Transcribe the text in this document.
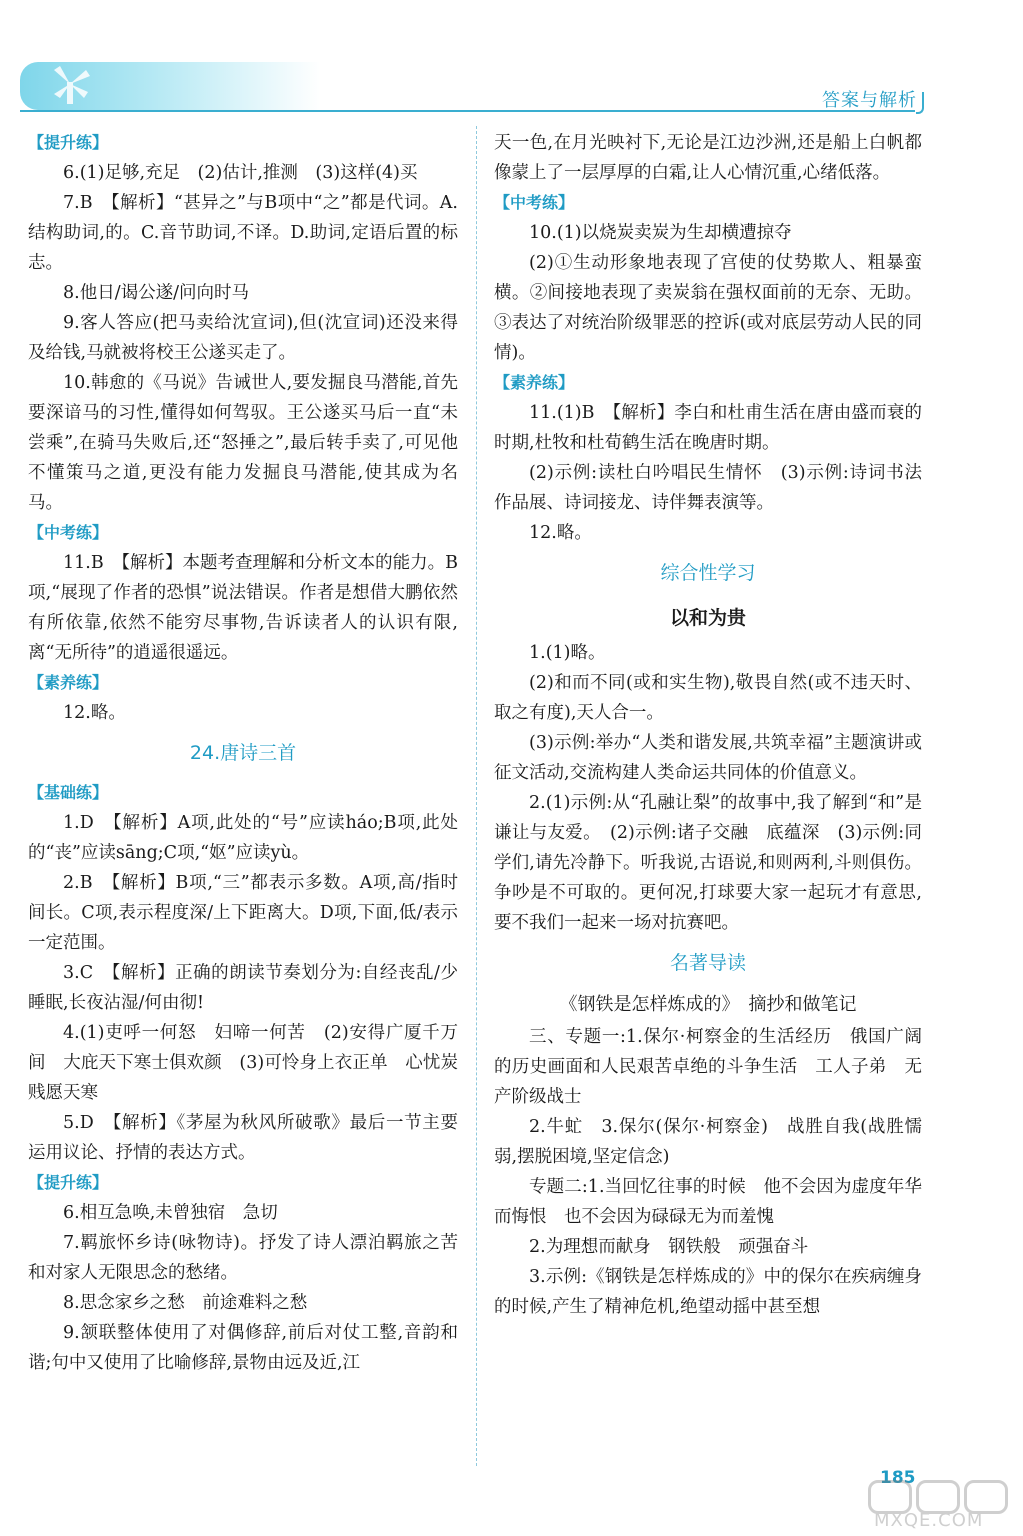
答案与解析
【提升练】
6.(1)足够,充足　(2)估计,推测　(3)这样(4)买
7.B　【解析】“甚异之”与B项中“之”都是代词。A.结构助词,的。C.音节助词,不译。D.助词,定语后置的标志。
8.他日/谒公遂/问向时马
9.客人答应(把马卖给沈宣词),但(沈宣词)还没来得及给钱,马就被将校王公遂买走了。
10.韩愈的《马说》告诫世人,要发掘良马潜能,首先要深谙马的习性,懂得如何驾驭。王公遂买马后一直“未尝乘”,在骑马失败后,还“怒捶之”,最后转手卖了,可见他不懂策马之道,更没有能力发掘良马潜能,使其成为名马。
【中考练】
11.B　【解析】本题考查理解和分析文本的能力。B项,“展现了作者的恐惧”说法错误。作者是想借大鹏依然有所依靠,依然不能穷尽事物,告诉读者人的认识有限,离“无所待”的逍遥很遥远。
【素养练】
12.略。
24.唐诗三首
【基础练】
1.D　【解析】A项,此处的“号”应读háo;B项,此处的“丧”应读sāng;C项,“妪”应读yù。
2.B　【解析】B项,“三”都表示多数。A项,高/指时间长。C项,表示程度深/上下距离大。D项,下面,低/表示一定范围。
3.C　【解析】正确的朗读节奏划分为:自经丧乱/少睡眠,长夜沾湿/何由彻!
4.(1)吏呼一何怒　妇啼一何苦　(2)安得广厦千万间　大庇天下寒士俱欢颜　(3)可怜身上衣正单　心忧炭贱愿天寒
5.D　【解析】《茅屋为秋风所破歌》最后一节主要运用议论、抒情的表达方式。
【提升练】
6.相互急唤,未曾独宿　急切
7.羁旅怀乡诗(咏物诗)。抒发了诗人漂泊羁旅之苦和对家人无限思念的愁绪。
8.思念家乡之愁　前途难料之愁
9.颔联整体使用了对偶修辞,前后对仗工整,音韵和谐;句中又使用了比喻修辞,景物由远及近,江
天一色,在月光映衬下,无论是江边沙洲,还是船上白帆都像蒙上了一层厚厚的白霜,让人心情沉重,心绪低落。
【中考练】
10.(1)以烧炭卖炭为生却横遭掠夺
(2)①生动形象地表现了宫使的仗势欺人、粗暴蛮横。②间接地表现了卖炭翁在强权面前的无奈、无助。③表达了对统治阶级罪恶的控诉(或对底层劳动人民的同情)。
【素养练】
11.(1)B　【解析】李白和杜甫生活在唐由盛而衰的时期,杜牧和杜荀鹤生活在晚唐时期。
(2)示例:读杜白吟唱民生情怀　(3)示例:诗词书法作品展、诗词接龙、诗伴舞表演等。
12.略。
综合性学习
以和为贵
1.(1)略。
(2)和而不同(或和实生物),敬畏自然(或不违天时、取之有度),天人合一。
(3)示例:举办“人类和谐发展,共筑幸福”主题演讲或征文活动,交流构建人类命运共同体的价值意义。
2.(1)示例:从“孔融让梨”的故事中,我了解到“和”是谦让与友爱。　(2)示例:诸子交融　底蕴深　(3)示例:同学们,请先冷静下。听我说,古语说,和则两利,斗则俱伤。争吵是不可取的。更何况,打球要大家一起玩才有意思,要不我们一起来一场对抗赛吧。
名著导读
《钢铁是怎样炼成的》　摘抄和做笔记
三、专题一:1.保尔·柯察金的生活经历　俄国广阔的历史画面和人民艰苦卓绝的斗争生活　工人子弟　无产阶级战士
2.牛虻　3.保尔(保尔·柯察金)　战胜自我(战胜懦弱,摆脱困境,坚定信念)
专题二:1.当回忆往事的时候　他不会因为虚度年华而悔恨　也不会因为碌碌无为而羞愧
2.为理想而献身　钢铁般　顽强奋斗
3.示例:《钢铁是怎样炼成的》中的保尔在疾病缠身的时候,产生了精神危机,绝望动摇中甚至想
185
MXQE.COM
